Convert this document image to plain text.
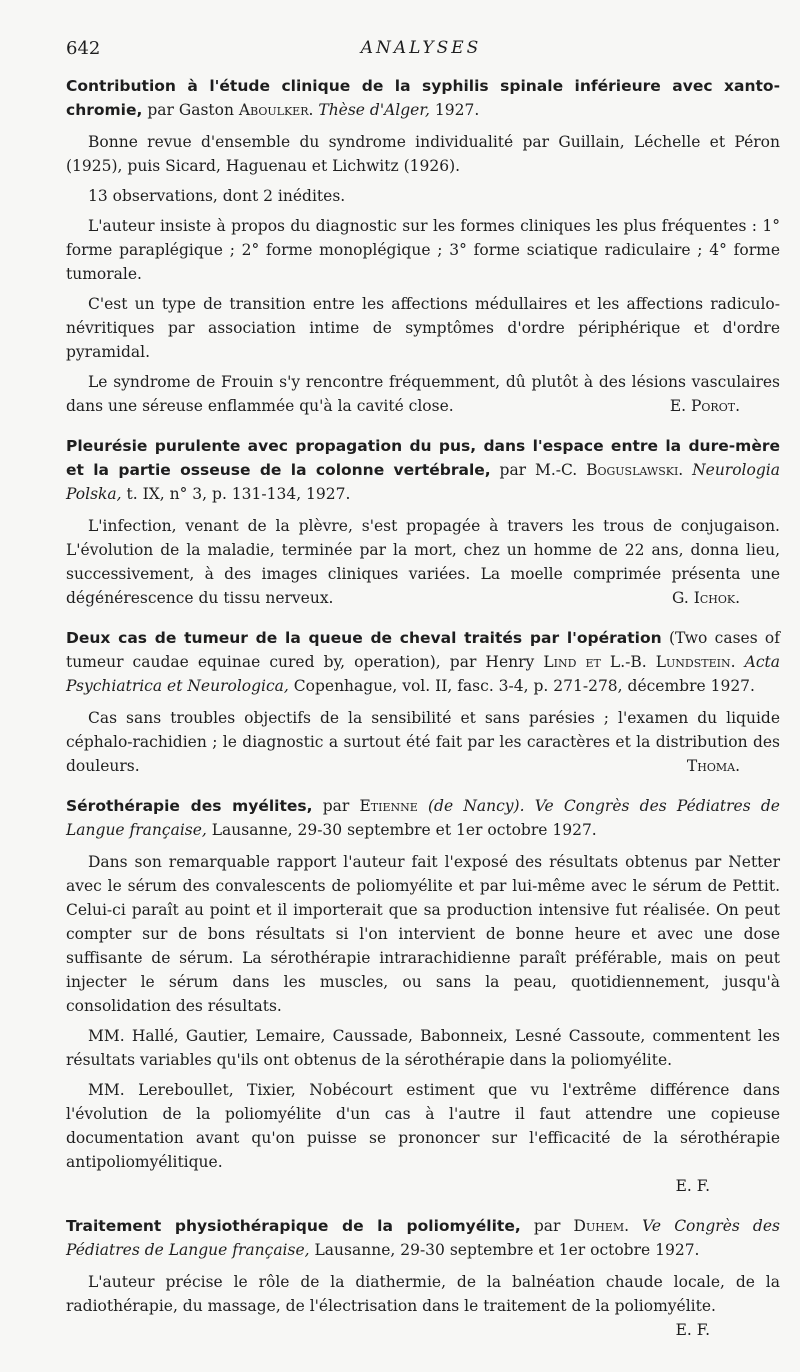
642	ANALYSES
Contribution à l'étude clinique de la syphilis spinale inférieure avec xanto-chromie, par Gaston Aboulker. Thèse d'Alger, 1927.

Bonne revue d'ensemble du syndrome individualité par Guillain, Léchelle et Péron (1925), puis Sicard, Haguenau et Lichwitz (1926).

13 observations, dont 2 inédites.

L'auteur insiste à propos du diagnostic sur les formes cliniques les plus fréquentes : 1° forme paraplégique ; 2° forme monoplégique ; 3° forme sciatique radiculaire ; 4° forme tumorale.

C'est un type de transition entre les affections médullaires et les affections radiculo-névritiques par association intime de symptômes d'ordre périphérique et d'ordre pyramidal.

Le syndrome de Frouin s'y rencontre fréquemment, dû plutôt à des lésions vasculaires dans une séreuse enflammée qu'à la cavité close.	E. Porot.

Pleurésie purulente avec propagation du pus, dans l'espace entre la dure-mère et la partie osseuse de la colonne vertébrale, par M.-C. Boguslawski. Neurologia Polska, t. IX, n° 3, p. 131-134, 1927.

L'infection, venant de la plèvre, s'est propagée à travers les trous de conjugaison. L'évolution de la maladie, terminée par la mort, chez un homme de 22 ans, donna lieu, successivement, à des images cliniques variées. La moelle comprimée présenta une dégénérescence du tissu nerveux.	G. Ichok.

Deux cas de tumeur de la queue de cheval traités par l'opération (Two cases of tumeur caudae equinae cured by, operation), par Henry Lind et L.-B. Lundstein. Acta Psychiatrica et Neurologica, Copenhague, vol. II, fasc. 3-4, p. 271-278, décembre 1927.

Cas sans troubles objectifs de la sensibilité et sans parésies ; l'examen du liquide céphalo-rachidien ; le diagnostic a surtout été fait par les caractères et la distribution des douleurs.	Thoma.

Sérothérapie des myélites, par Etienne (de Nancy). Ve Congrès des Pédiatres de Langue française, Lausanne, 29-30 septembre et 1er octobre 1927.

Dans son remarquable rapport l'auteur fait l'exposé des résultats obtenus par Netter avec le sérum des convalescents de poliomyélite et par lui-même avec le sérum de Pettit. Celui-ci paraît au point et il importerait que sa production intensive fut réalisée. On peut compter sur de bons résultats si l'on intervient de bonne heure et avec une dose suffisante de sérum. La sérothérapie intrarachidienne paraît préférable, mais on peut injecter le sérum dans les muscles, ou sans la peau, quotidiennement, jusqu'à consolidation des résultats.

MM. Hallé, Gautier, Lemaire, Caussade, Babonneix, Lesné Cassoute, commentent les résultats variables qu'ils ont obtenus de la sérothérapie dans la poliomyélite.

MM. Lereboullet, Tixier, Nobécourt estiment que vu l'extrême différence dans l'évolution de la poliomyélite d'un cas à l'autre il faut attendre une copieuse documentation avant qu'on puisse se prononcer sur l'efficacité de la sérothérapie antipoliomyélitique.

E. F.
Traitement physiothérapique de la poliomyélite, par Duhem. Ve Congrès des Pédiatres de Langue française, Lausanne, 29-30 septembre et 1er octobre 1927.

L'auteur précise le rôle de la diathermie, de la balnéation chaude locale, de la radiothérapie, du massage, de l'électrisation dans le traitement de la poliomyélite.

E. F.
